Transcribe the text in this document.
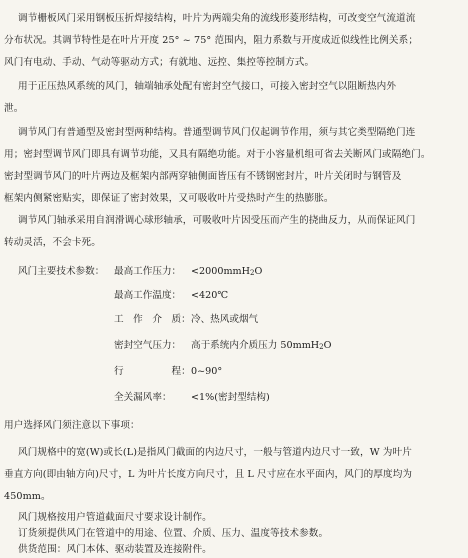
调节栅板风门采用钢板压折焊接结构，叶片为两端尖角的流线形菱形结构，可改变空气流道流
分布状况。其调节特性是在叶片开度 25° ~ 75° 范围内，阻力系数与开度成近似线性比例关系；
风门有电动、手动、气动等驱动方式；有就地、远控、集控等控制方式。
用于正压热风系统的风门，轴端轴承处配有密封空气接口，可接入密封空气以阻断热内外
泄。
调节风门有普通型及密封型两种结构。普通型调节风门仅起调节作用，须与其它类型隔绝门连
用；密封型调节风门即具有调节功能，又具有隔绝功能。对于小容量机组可省去关断风门或隔绝门。
密封型调节风门的叶片两边及框架内部两穿轴侧面皆压有不锈钢密封片，叶片关闭时与钢管及
框架内侧紧密贴实，即保证了密封效果，又可吸收叶片受热时产生的热膨胀。
调节风门轴承采用自润滑调心球形轴承，可吸收叶片因受压而产生的挠曲反力，从而保证风门
转动灵活，不会卡死。
风门主要技术参数： 最高工作压力： <2000mmH$_2$O
最高工作温度： <420℃
工　作　介　质： 冷、热风或烟气
密封空气压力： 高于系统内介质压力 50mmH$_2$O
行　　　　　程： 0~90°
全关漏风率： <1%(密封型结构)
用户选择风门须注意以下事项：
风门规格中的宽(W)或长(L)是指风门截面的内边尺寸，一般与管道内边尺寸一致，W 为叶片
垂直方向(即由轴方向)尺寸，L 为叶片长度方向尺寸，且 L 尺寸应在水平面内，风门的厚度均为
450mm。
风门规格按用户管道截面尺寸要求设计制作。
订货须提供风门在管道中的用途、位置、介质、压力、温度等技术参数。
供货范围：风门本体、驱动装置及连接附件。
